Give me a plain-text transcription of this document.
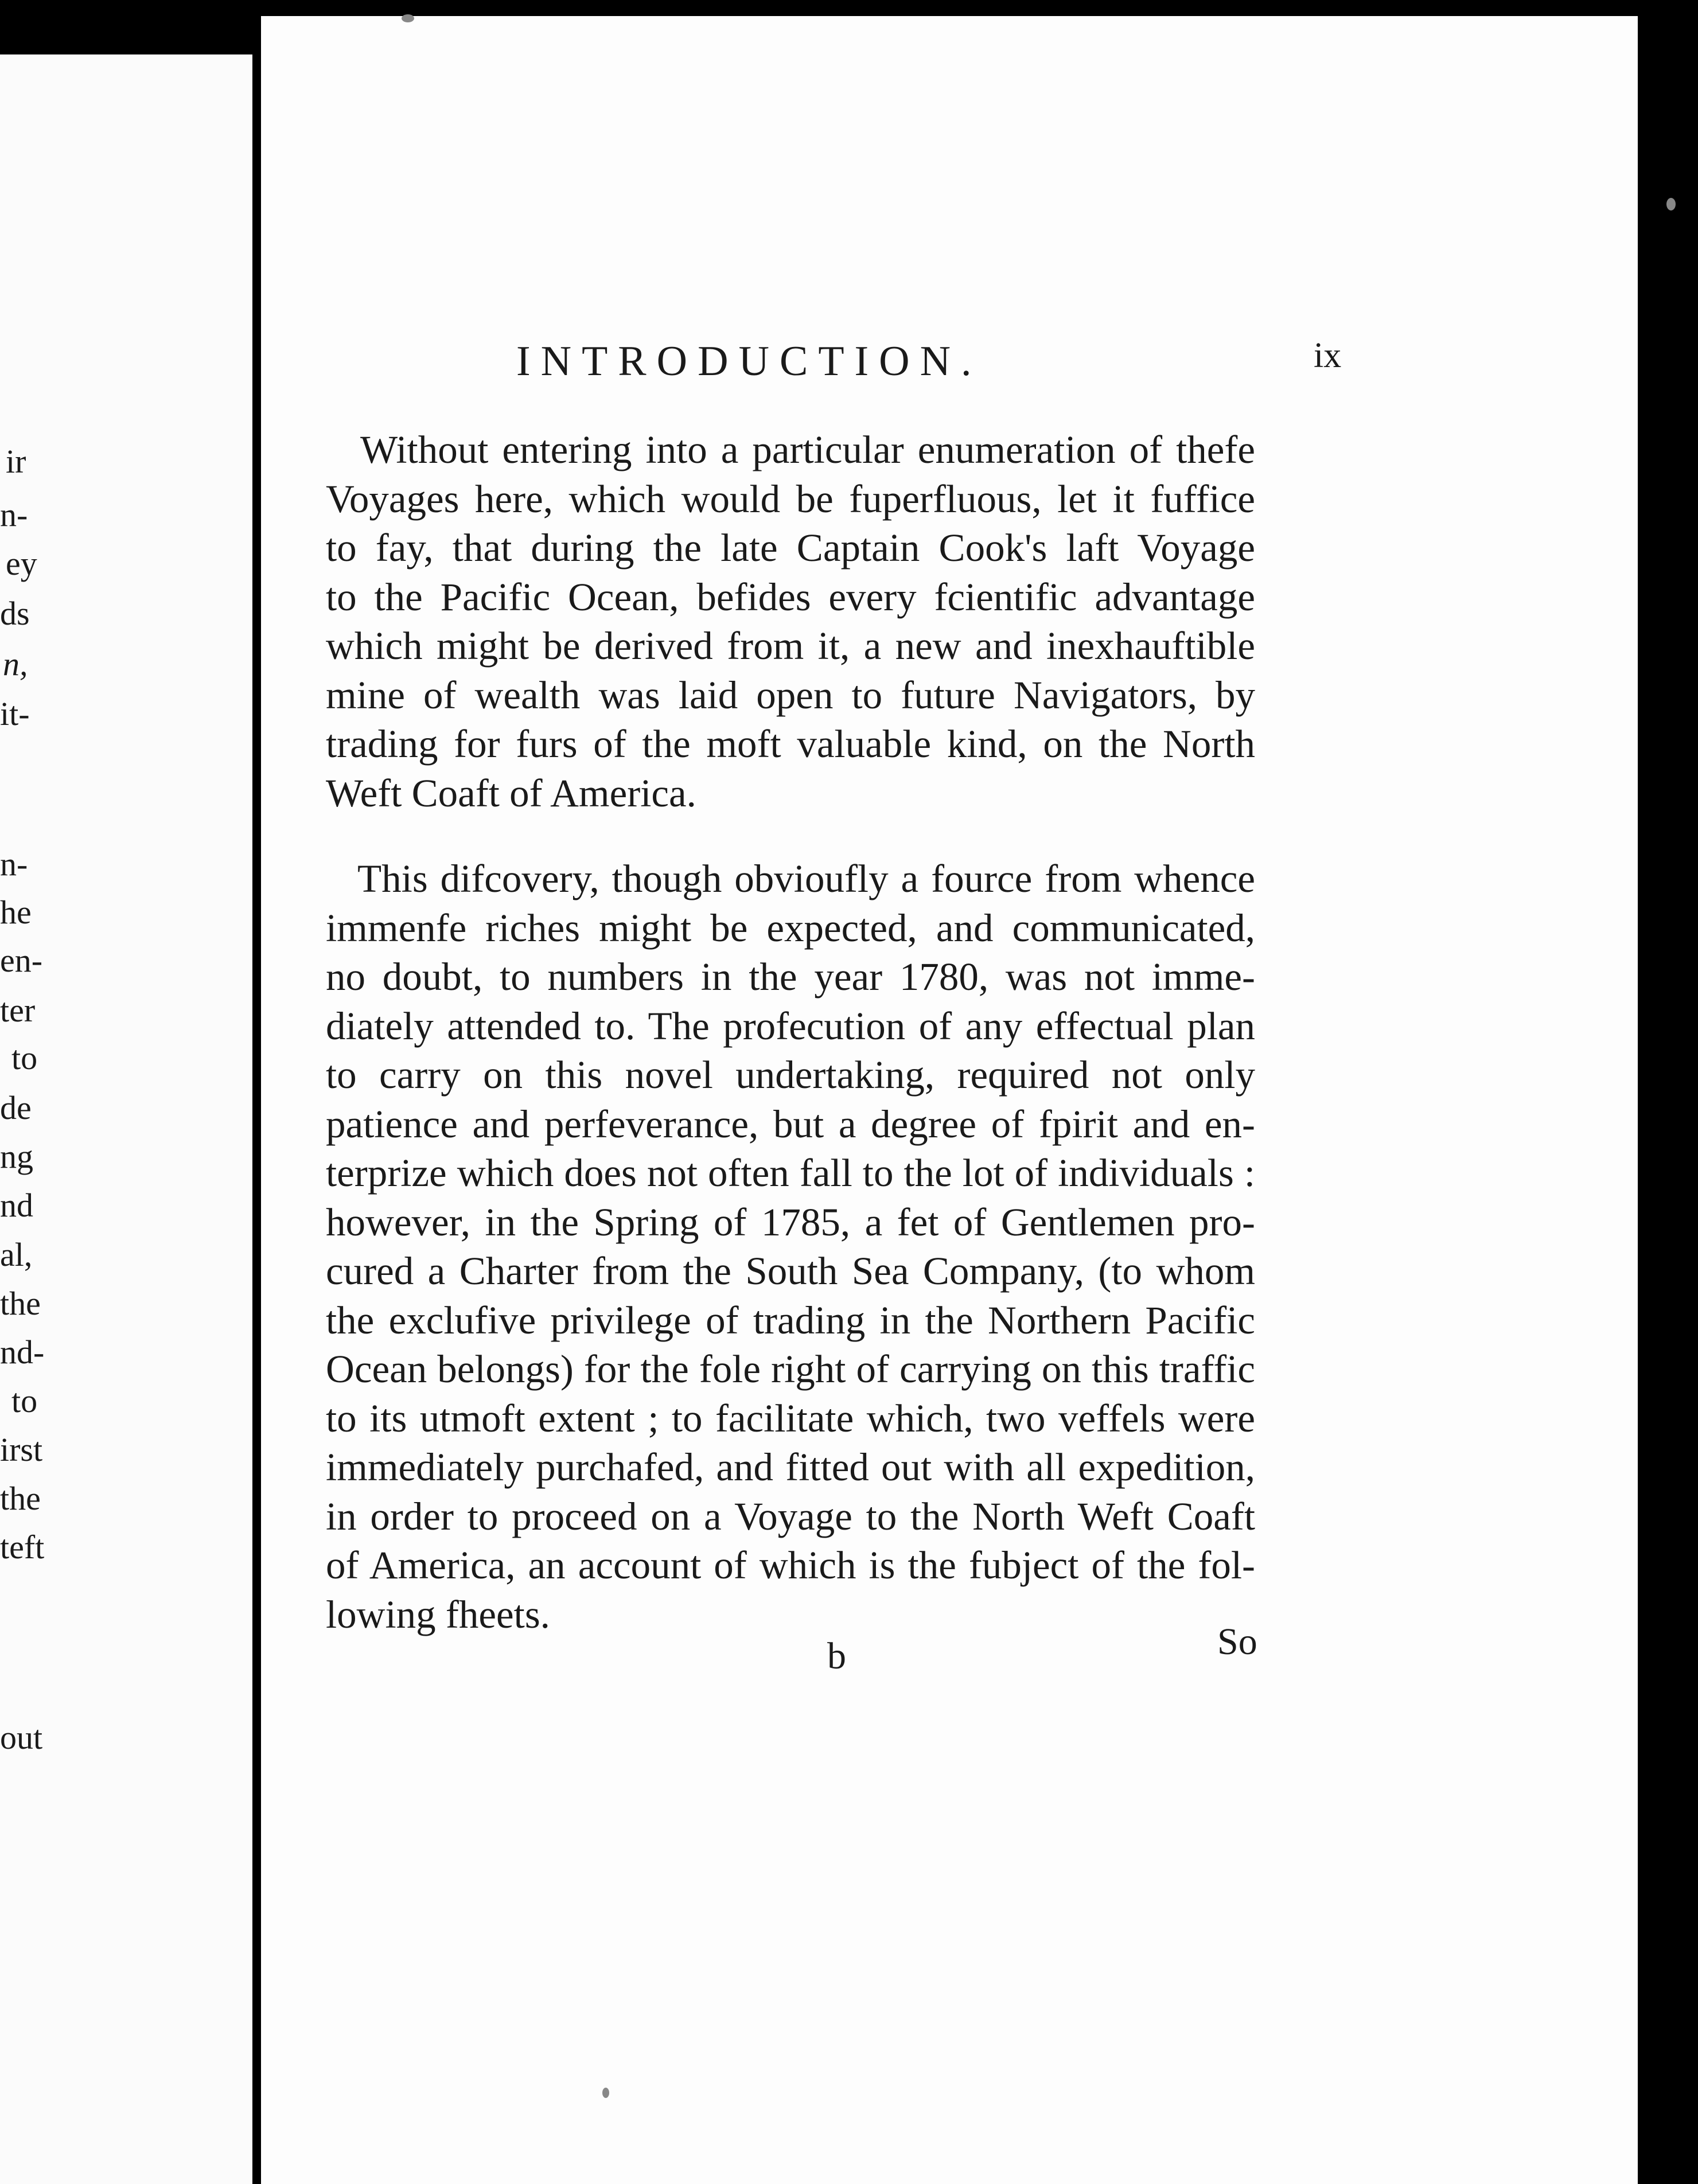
ir
n-
ey
ds
n,
it-
n-
he
en-
ter
to
de
ng
nd
al,
the
nd-
to
irst
the
teft
out
INTRODUCTION.	ix
Without entering into a particular enumeration of thefe
Voyages here, which would be fuperfluous, let it fuffice
to fay, that during the late Captain Cook's laft Voyage
to the Pacific Ocean, befides every fcientific advantage
which might be derived from it, a new and inexhauftible
mine of wealth was laid open to future Navigators, by
trading for furs of the moft valuable kind, on the North
Weft Coaft of America.
This difcovery, though obvioufly a fource from whence
immenfe riches might be expected, and communicated,
no doubt, to numbers in the year 1780, was not imme-
diately attended to. The profecution of any effectual plan
to carry on this novel undertaking, required not only
patience and perfeverance, but a degree of fpirit and en-
terprize which does not often fall to the lot of individuals :
however, in the Spring of 1785, a fet of Gentlemen pro-
cured a Charter from the South Sea Company, (to whom
the exclufive privilege of trading in the Northern Pacific
Ocean belongs) for the fole right of carrying on this traffic
to its utmoft extent ; to facilitate which, two veffels were
immediately purchafed, and fitted out with all expedition,
in order to proceed on a Voyage to the North Weft Coaft
of America, an account of which is the fubject of the fol-
lowing fheets.
b	So
